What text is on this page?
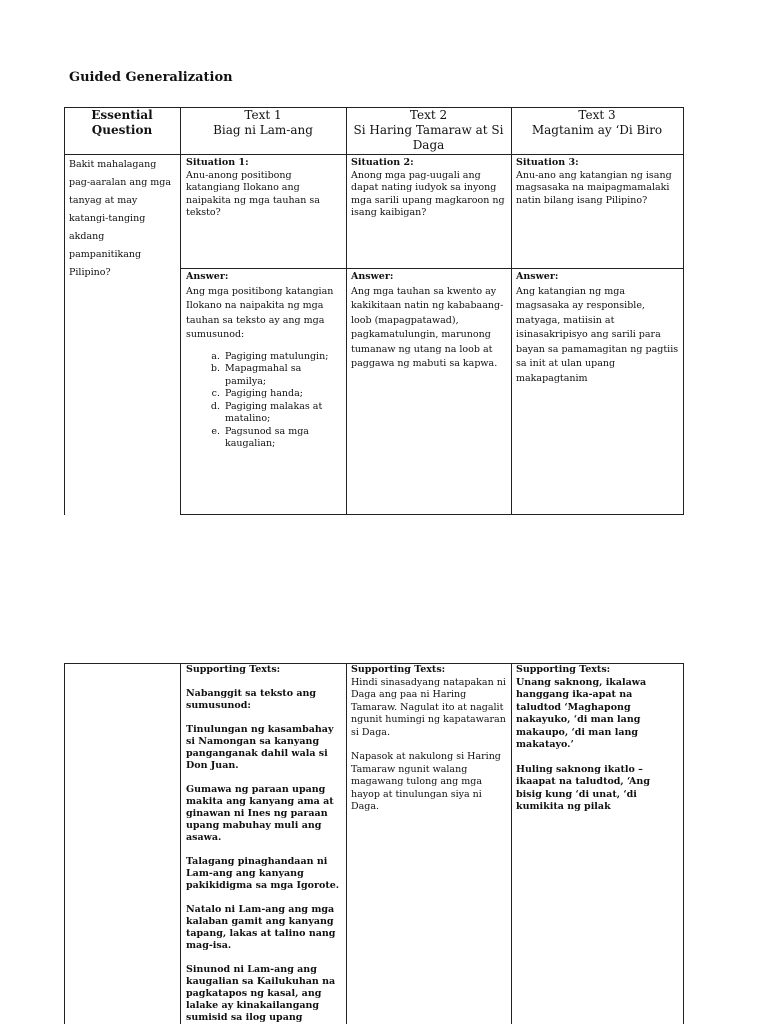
Guided Generalization
Essential
Question
Text 1
Biag ni Lam-ang
Text 2
Si Haring Tamaraw at Si Daga
Text 3
Magtanim ay ‘Di Biro
Bakit mahalagang pag-aaralan ang mga tanyag at may katangi-tanging akdang pampanitikang Pilipino?
Situation 1:
Anu-anong positibong katangiang Ilokano ang naipakita ng mga tauhan sa teksto?
Situation 2:
Anong mga pag-uugali ang dapat nating iudyok sa inyong mga sarili upang magkaroon ng isang kaibigan?
Situation 3:
Anu-ano ang katangian ng isang magsasaka na maipagmamalaki natin bilang isang Pilipino?
Answer:
Ang mga positibong katangian Ilokano na naipakita ng mga tauhan sa teksto ay ang mga sumusunod:
a. Pagiging matulungin;
b. Mapagmahal sa pamilya;
c. Pagiging handa;
d. Pagiging malakas at matalino;
e. Pagsunod sa mga kaugalian;
Answer:
Ang mga tauhan sa kwento ay kakikitaan natin ng kababaang-loob (mapagpatawad), pagkamatulungin, marunong tumanaw ng utang na loob at paggawa ng mabuti sa kapwa.
Answer:
Ang katangian ng mga magsasaka ay responsible, matyaga, matiisin at isinasakripisyo ang sarili para bayan sa pamamagitan ng pagtiis sa init at ulan upang makapagtanim
Supporting Texts:
Nabanggit sa teksto ang sumusunod:
Tinulungan ng kasambahay si Namongan sa kanyang panganganak dahil wala si Don Juan.
Gumawa ng paraan upang makita ang kanyang ama at ginawan ni Ines ng paraan upang mabuhay muli ang asawa.
Talagang pinaghandaan ni Lam-ang ang kanyang pakikidigma sa mga Igorote.
Natalo ni Lam-ang ang mga kalaban gamit ang kanyang tapang, lakas at talino nang mag-isa.
Sinunod ni Lam-ang ang kaugalian sa Kailukuhan na pagkatapos ng kasal, ang lalake ay kinakailangang sumisid sa ilog upang
Supporting Texts:
Hindi sinasadyang natapakan ni Daga ang paa ni Haring Tamaraw. Nagulat ito at nagalit ngunit humingi ng kapatawaran si Daga.
Napasok at nakulong si Haring Tamaraw ngunit walang magawang tulong ang mga hayop at tinulungan siya ni Daga.
Supporting Texts:
Unang saknong, ikalawa hanggang ika-apat na taludtod ‘Maghapong nakayuko, ‘di man lang makaupo, ‘di man lang makatayo.’
Huling saknong ikatlo – ikaapat na taludtod, ‘Ang bisig kung ‘di unat, ‘di kumikita ng pilak
